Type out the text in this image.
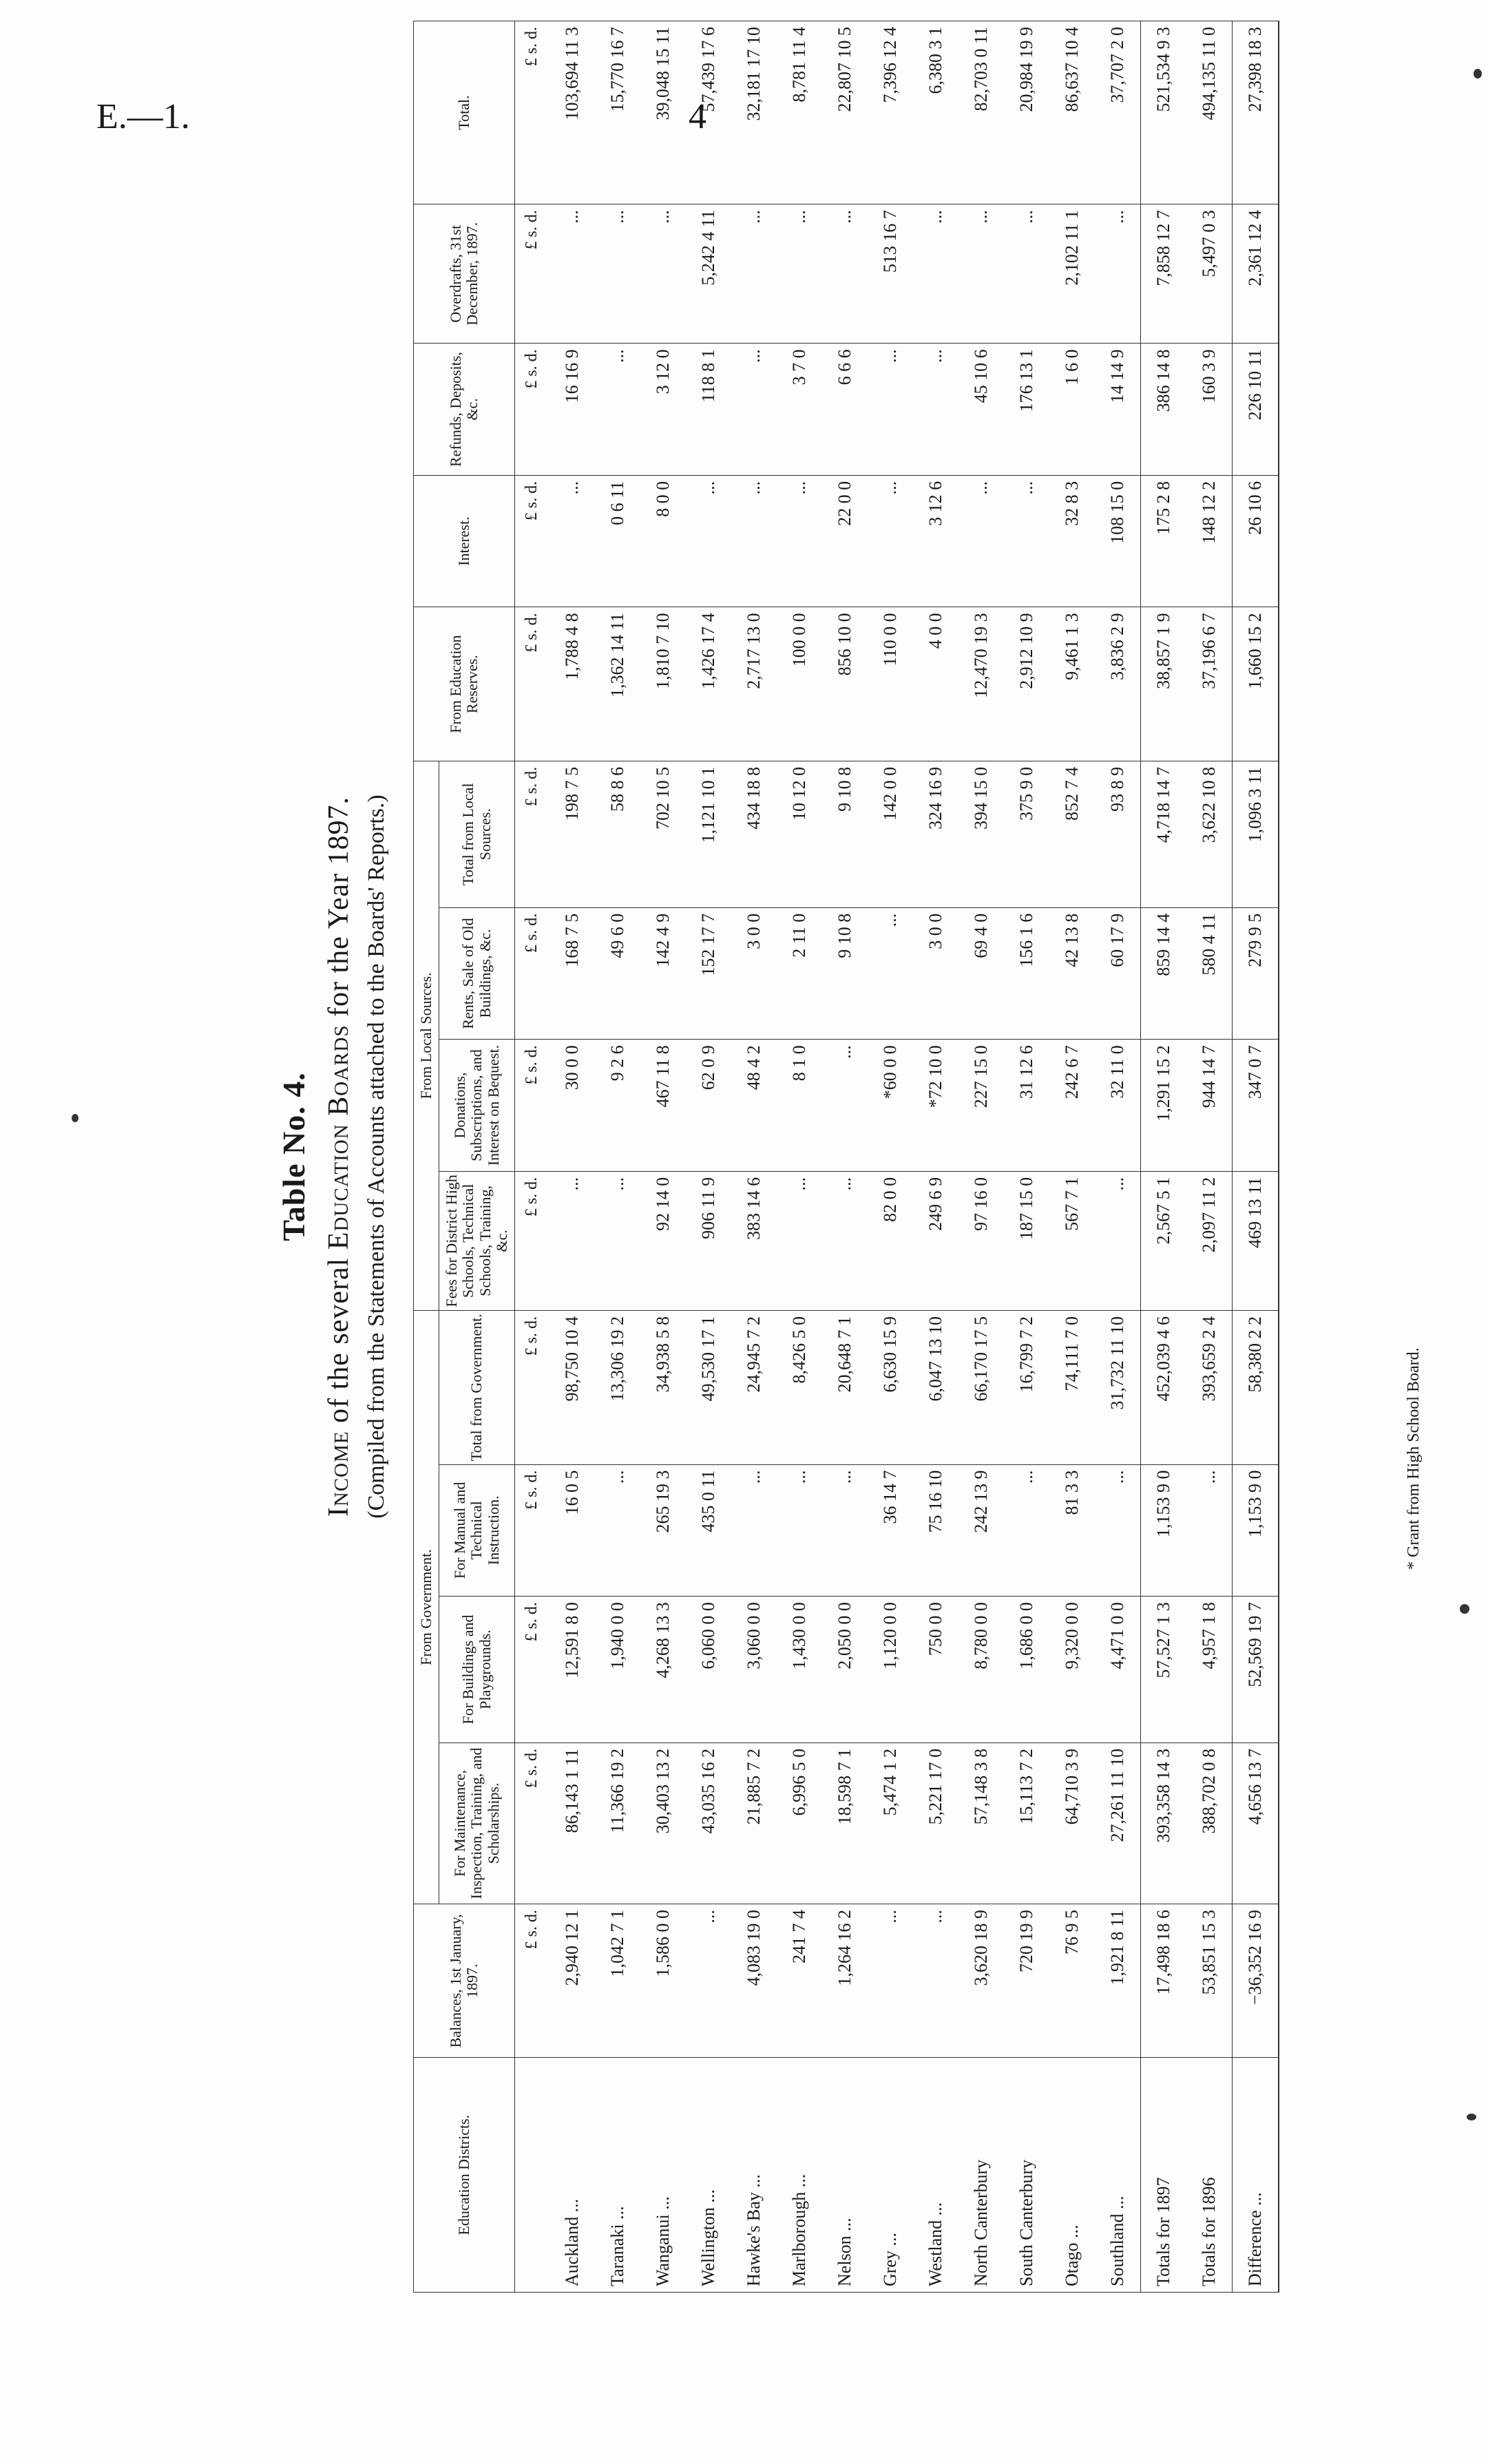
E.—1.	4
Table No. 4.
Income of the several Education Boards for the Year 1897. (Compiled from the Statements of Accounts attached to the Boards' Reports.)
Education Districts.	Balances, 1st January, 1897.	From Government.				From Local Sources.				From Education Reserves.	Interest.	Refunds, Deposits, &c.	Overdrafts, 31st December, 1897.	Total.
		For Maintenance, Inspection, Training, and Scholarships.	For Buildings and Playgrounds.	For Manual and Technical Instruction.	Total from Government.	Fees for District High Schools, Technical Schools, Training, &c.	Donations, Subscriptions, and Interest on Bequest.	Rents, Sale of Old Buildings, &c.	Total from Local Sources.					
	£ s. d.	£ s. d.	£ s. d.	£ s. d.	£ s. d.	£ s. d.	£ s. d.	£ s. d.	£ s. d.	£ s. d.	£ s. d.	£ s. d.	£ s. d.	£ s. d.
Auckland ...	2,940 12 1	86,143 1 11	12,591 8 0	16 0 5	98,750 10 4	...	30 0 0	168 7 5	198 7 5	1,788 4 8	...	16 16 9	...	103,694 11 3
Taranaki ...	1,042 7 1	11,366 19 2	1,940 0 0	...	13,306 19 2	...	9 2 6	49 6 0	58 8 6	1,362 14 11	0 6 11	...	...	15,770 16 7
Wanganui ...	1,586 0 0	30,403 13 2	4,268 13 3	265 19 3	34,938 5 8	92 14 0	467 11 8	142 4 9	702 10 5	1,810 7 10	8 0 0	3 12 0	...	39,048 15 11
Wellington ...	...	43,035 16 2	6,060 0 0	435 0 11	49,530 17 1	906 11 9	62 0 9	152 17 7	1,121 10 1	1,426 17 4	...	118 8 1	5,242 4 11	57,439 17 6
Hawke's Bay ...	4,083 19 0	21,885 7 2	3,060 0 0	...	24,945 7 2	383 14 6	48 4 2	3 0 0	434 18 8	2,717 13 0	...	...	...	32,181 17 10
Marlborough ...	241 7 4	6,996 5 0	1,430 0 0	...	8,426 5 0	...	8 1 0	2 11 0	10 12 0	100 0 0	...	3 7 0	...	8,781 11 4
Nelson ...	1,264 16 2	18,598 7 1	2,050 0 0	...	20,648 7 1	...	...	9 10 8	9 10 8	856 10 0	22 0 0	6 6 6	...	22,807 10 5
Grey ...	...	5,474 1 2	1,120 0 0	36 14 7	6,630 15 9	82 0 0	*60 0 0	...	142 0 0	110 0 0	...	...	513 16 7	7,396 12 4
Westland ...	...	5,221 17 0	750 0 0	75 16 10	6,047 13 10	249 6 9	*72 10 0	3 0 0	324 16 9	4 0 0	3 12 6	...	...	6,380 3 1
North Canterbury	3,620 18 9	57,148 3 8	8,780 0 0	242 13 9	66,170 17 5	97 16 0	227 15 0	69 4 0	394 15 0	12,470 19 3	...	45 10 6	...	82,703 0 11
South Canterbury	720 19 9	15,113 7 2	1,686 0 0	...	16,799 7 2	187 15 0	31 12 6	156 1 6	375 9 0	2,912 10 9	...	176 13 1	...	20,984 19 9
Otago ...	76 9 5	64,710 3 9	9,320 0 0	81 3 3	74,111 7 0	567 7 1	242 6 7	42 13 8	852 7 4	9,461 1 3	32 8 3	1 6 0	2,102 11 1	86,637 10 4
Southland ...	1,921 8 11	27,261 11 10	4,471 0 0	...	31,732 11 10	...	32 11 0	60 17 9	93 8 9	3,836 2 9	108 15 0	14 14 9	...	37,707 2 0
Totals for 1897	17,498 18 6	393,358 14 3	57,527 1 3	1,153 9 0	452,039 4 6	2,567 5 1	1,291 15 2	859 14 4	4,718 14 7	38,857 1 9	175 2 8	386 14 8	7,858 12 7	521,534 9 3
Totals for 1896	53,851 15 3	388,702 0 8	4,957 1 8	...	393,659 2 4	2,097 11 2	944 14 7	580 4 11	3,622 10 8	37,196 6 7	148 12 2	160 3 9	5,497 0 3	494,135 11 0
Difference ...	−36,352 16 9	4,656 13 7	52,569 19 7	1,153 9 0	58,380 2 2	469 13 11	347 0 7	279 9 5	1,096 3 11	1,660 15 2	26 10 6	226 10 11	2,361 12 4	27,398 18 3
* Grant from High School Board.
